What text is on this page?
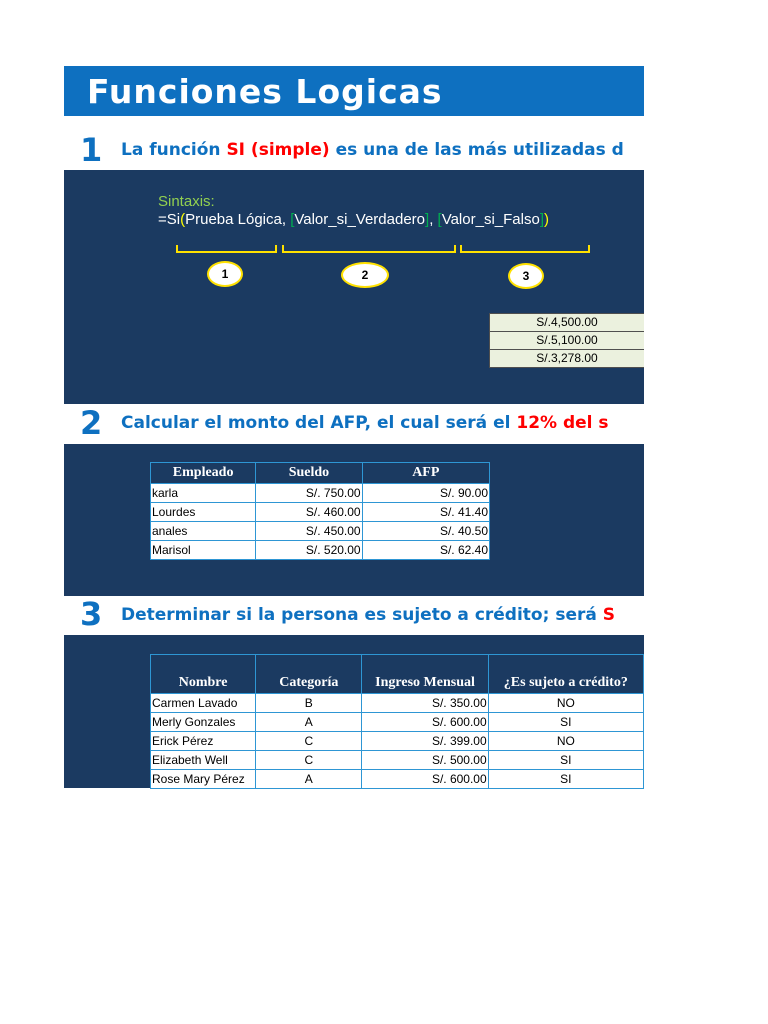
Funciones Logicas
1 La función SI (simple) es una de las más utilizadas d
Sintaxis:
=Si(Prueba Lógica, [Valor_si_Verdadero], [Valor_si_Falso])
1	2	3
S/.4,500.00
S/.5,100.00
S/.3,278.00
2 Calcular el monto del AFP, el cual será el 12% del s
Empleado	Sueldo	AFP
karla	S/. 750.00	S/. 90.00
Lourdes	S/. 460.00	S/. 41.40
anales	S/. 450.00	S/. 40.50
Marisol	S/. 520.00	S/. 62.40
3 Determinar si la persona es sujeto a crédito; será S
Nombre	Categoría	Ingreso Mensual	¿Es sujeto a crédito?
Carmen Lavado	B	S/. 350.00	NO
Merly Gonzales	A	S/. 600.00	SI
Erick Pérez	C	S/. 399.00	NO
Elizabeth Well	C	S/. 500.00	SI
Rose Mary Pérez	A	S/. 600.00	SI
